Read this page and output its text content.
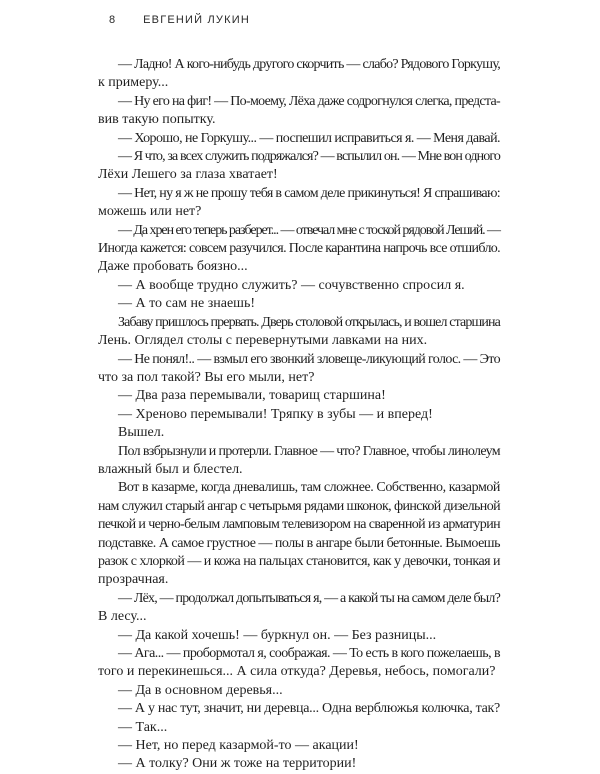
8	ЕВГЕНИЙ ЛУКИН

— Ладно! А кого-нибудь другого скорчить — слабо? Рядового Горкушу,

к примеру...

— Ну его на фиг! — По-моему, Лёха даже содрогнулся слегка, предста-

вив такую попытку.

— Хорошо, не Горкушу... — поспешил исправиться я. — Меня давай.

— Я что, за всех служить подряжался? — вспылил он. — Мне вон одного

Лёхи Лешего за глаза хватает!

— Нет, ну я ж не прошу тебя в самом деле прикинуться! Я спрашиваю:

можешь или нет?

— Да хрен его теперь разберет... — отвечал мне с тоской рядовой Леший. —

Иногда кажется: совсем разучился. После карантина напрочь все отшибло.

Даже пробовать боязно...

— А вообще трудно служить? — сочувственно спросил я.

— А то сам не знаешь!

Забаву пришлось прервать. Дверь столовой открылась, и вошел старшина

Лень. Оглядел столы с перевернутыми лавками на них.

— Не понял!.. — взмыл его звонкий зловеще-ликующий голос. — Это

что за пол такой? Вы его мыли, нет?

— Два раза перемывали, товарищ старшина!

— Хреново перемывали! Тряпку в зубы — и вперед!

Вышел.

Пол взбрызнули и протерли. Главное — что? Главное, чтобы линолеум

влажный был и блестел.

Вот в казарме, когда дневалишь, там сложнее. Собственно, казармой

нам служил старый ангар с четырьмя рядами шконок, финской дизельной

печкой и черно-белым ламповым телевизором на сваренной из арматурин

подставке. А самое грустное — полы в ангаре были бетонные. Вымоешь

разок с хлоркой — и кожа на пальцах становится, как у девочки, тонкая и

прозрачная.

— Лёх, — продолжал допытываться я, — а какой ты на самом деле был?

В лесу...

— Да какой хочешь! — буркнул он. — Без разницы...

— Ага... — пробормотал я, соображая. — То есть в кого пожелаешь, в

того и перекинешься... А сила откуда? Деревья, небось, помогали?

— Да в основном деревья...

— А у нас тут, значит, ни деревца... Одна верблюжья колючка, так?

— Так...

— Нет, но перед казармой-то — акации!

— А толку? Они ж тоже на территории!
